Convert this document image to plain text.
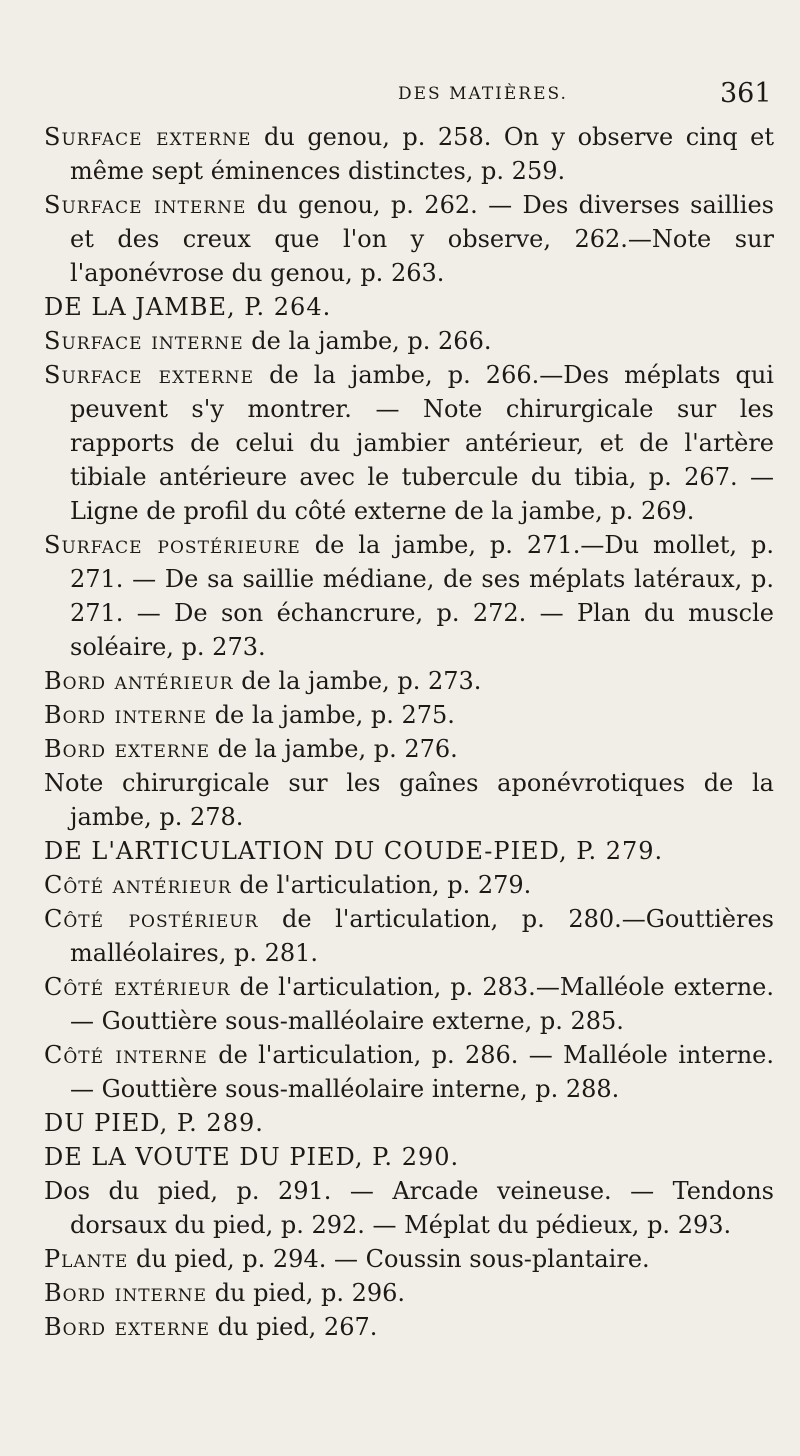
DES MATIÈRES.	361
Surface externe du genou, p. 258. On y observe cinq et même sept éminences distinctes, p. 259.
Surface interne du genou, p. 262. — Des diverses saillies et des creux que l'on y observe, 262.—Note sur l'aponévrose du genou, p. 263.
DE LA JAMBE, P. 264.
Surface interne de la jambe, p. 266.
Surface externe de la jambe, p. 266.—Des méplats qui peuvent s'y montrer. — Note chirurgicale sur les rapports de celui du jambier antérieur, et de l'artère tibiale antérieure avec le tubercule du tibia, p. 267. — Ligne de profil du côté externe de la jambe, p. 269.
Surface postérieure de la jambe, p. 271.—Du mollet, p. 271. — De sa saillie médiane, de ses méplats latéraux, p. 271. — De son échancrure, p. 272. — Plan du muscle soléaire, p. 273.
Bord antérieur de la jambe, p. 273.
Bord interne de la jambe, p. 275.
Bord externe de la jambe, p. 276.
Note chirurgicale sur les gaînes aponévrotiques de la jambe, p. 278.
DE L'ARTICULATION DU COUDE-PIED, P. 279.
Côté antérieur de l'articulation, p. 279.
Côté postérieur de l'articulation, p. 280.—Gouttières malléolaires, p. 281.
Côté extérieur de l'articulation, p. 283.—Malléole externe.— Gouttière sous-malléolaire externe, p. 285.
Côté interne de l'articulation, p. 286. — Malléole interne. — Gouttière sous-malléolaire interne, p. 288.
DU PIED, P. 289.
DE LA VOUTE DU PIED, P. 290.
Dos du pied, p. 291. — Arcade veineuse. — Tendons dorsaux du pied, p. 292. — Méplat du pédieux, p. 293.
Plante du pied, p. 294. — Coussin sous-plantaire.
Bord interne du pied, p. 296.
Bord externe du pied, 267.
